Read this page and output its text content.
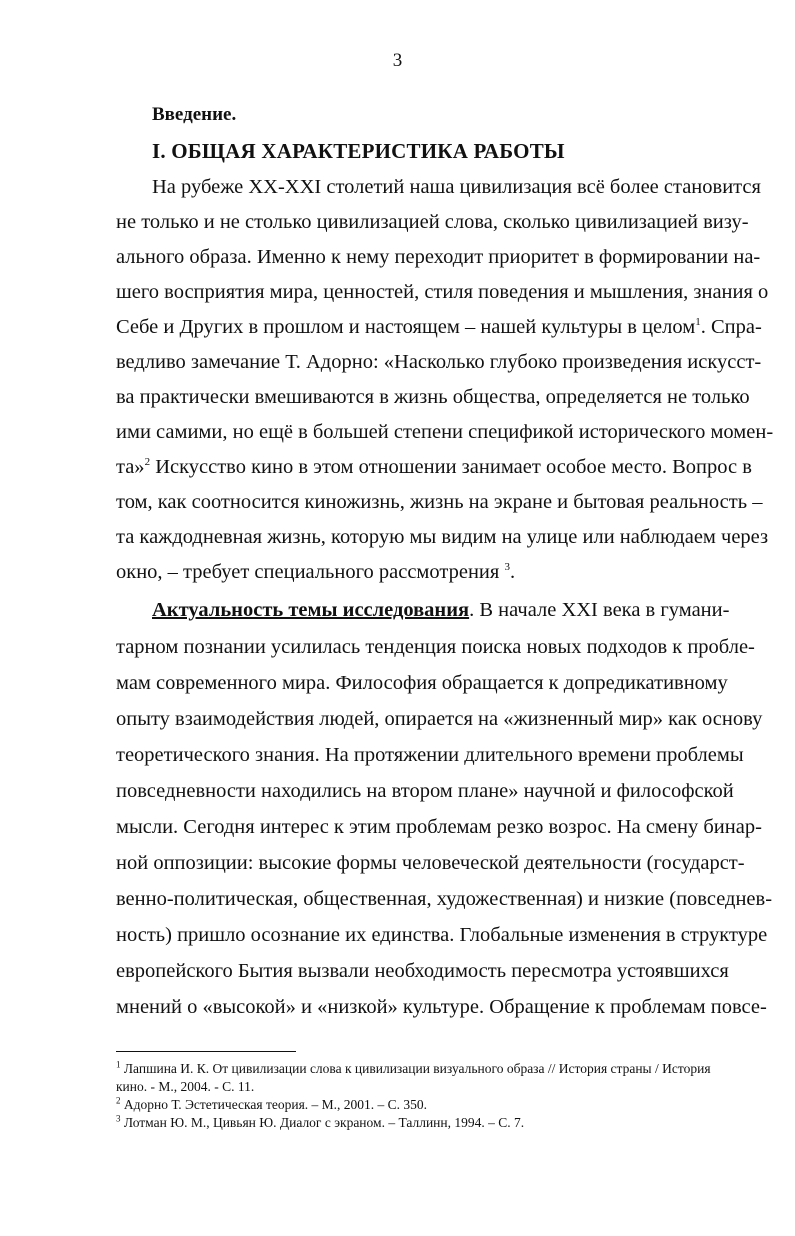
3
Введение.
I. ОБЩАЯ ХАРАКТЕРИСТИКА РАБОТЫ
На рубеже XX-XXI столетий наша цивилизация всё более становится
не только и не столько цивилизацией слова, сколько цивилизацией визу-
ального образа. Именно к нему переходит приоритет в формировании на-
шего восприятия мира, ценностей, стиля поведения и мышления, знания о
Себе и Других в прошлом и настоящем – нашей культуры в целом$^1$. Спра-
ведливо замечание Т. Адорно: «Насколько глубоко произведения искусст-
ва практически вмешиваются в жизнь общества, определяется не только
ими самими, но ещё в большей степени спецификой исторического момен-
та»$^2$ Искусство кино в этом отношении занимает особое место. Вопрос в
том, как соотносится киножизнь, жизнь на экране и бытовая реальность –
та каждодневная жизнь, которую мы видим на улице или наблюдаем через
окно, – требует специального рассмотрения $^3$.
Актуальность темы исследования. В начале XXI века в гумани-
тарном познании усилилась тенденция поиска новых подходов к пробле-
мам современного мира. Философия обращается к допредикативному
опыту взаимодействия людей, опирается на «жизненный мир» как основу
теоретического знания. На протяжении длительного времени проблемы
повседневности находились на втором плане» научной и философской
мысли. Сегодня интерес к этим проблемам резко возрос. На смену бинар-
ной оппозиции: высокие формы человеческой деятельности (государст-
венно-политическая, общественная, художественная) и низкие (повседнев-
ность) пришло осознание их единства. Глобальные изменения в структуре
европейского Бытия вызвали необходимость пересмотра устоявшихся
мнений о «высокой» и «низкой» культуре. Обращение к проблемам повсе-
$^1$ Лапшина И. К. От цивилизации слова к цивилизации визуального образа // История страны / История
кино. - М., 2004. - С. 11.
$^2$ Адорно Т. Эстетическая теория. – М., 2001. – С. 350.
$^3$ Лотман Ю. М., Цивьян Ю. Диалог с экраном. – Таллинн, 1994. – С. 7.
